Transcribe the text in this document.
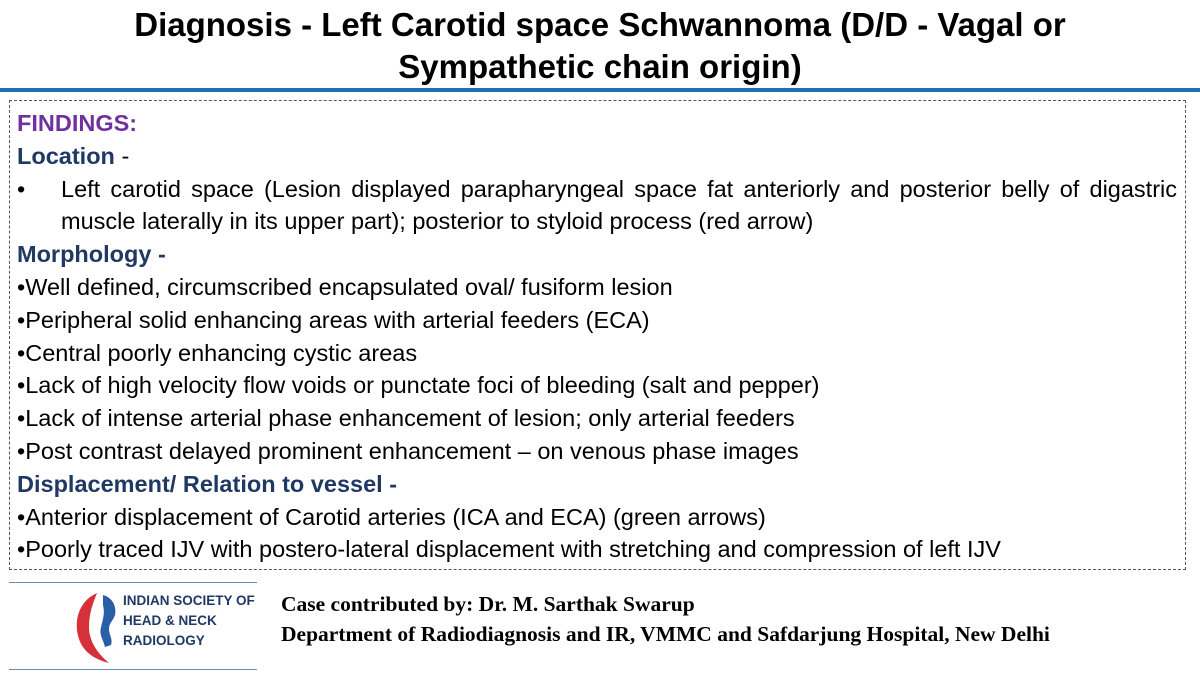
Diagnosis - Left Carotid space Schwannoma (D/D - Vagal or
Sympathetic chain origin)
FINDINGS:
Location -
•	Left carotid space (Lesion displayed parapharyngeal space fat anteriorly and posterior belly of digastric muscle laterally in its upper part); posterior to styloid process (red arrow)
Morphology -
•Well defined, circumscribed encapsulated oval/ fusiform lesion
•Peripheral solid enhancing areas with arterial feeders (ECA)
•Central poorly enhancing cystic areas
•Lack of high velocity flow voids or punctate foci of bleeding (salt and pepper)
•Lack of intense arterial phase enhancement of lesion; only arterial feeders
•Post contrast delayed prominent enhancement – on venous phase images
Displacement/ Relation to vessel -
•Anterior displacement of Carotid arteries (ICA and ECA) (green arrows)
•Poorly traced IJV with postero-lateral displacement with stretching and compression of left IJV
INDIAN SOCIETY OF
HEAD & NECK
RADIOLOGY
Case contributed by: Dr. M. Sarthak Swarup
Department of Radiodiagnosis and IR, VMMC and Safdarjung Hospital, New Delhi
